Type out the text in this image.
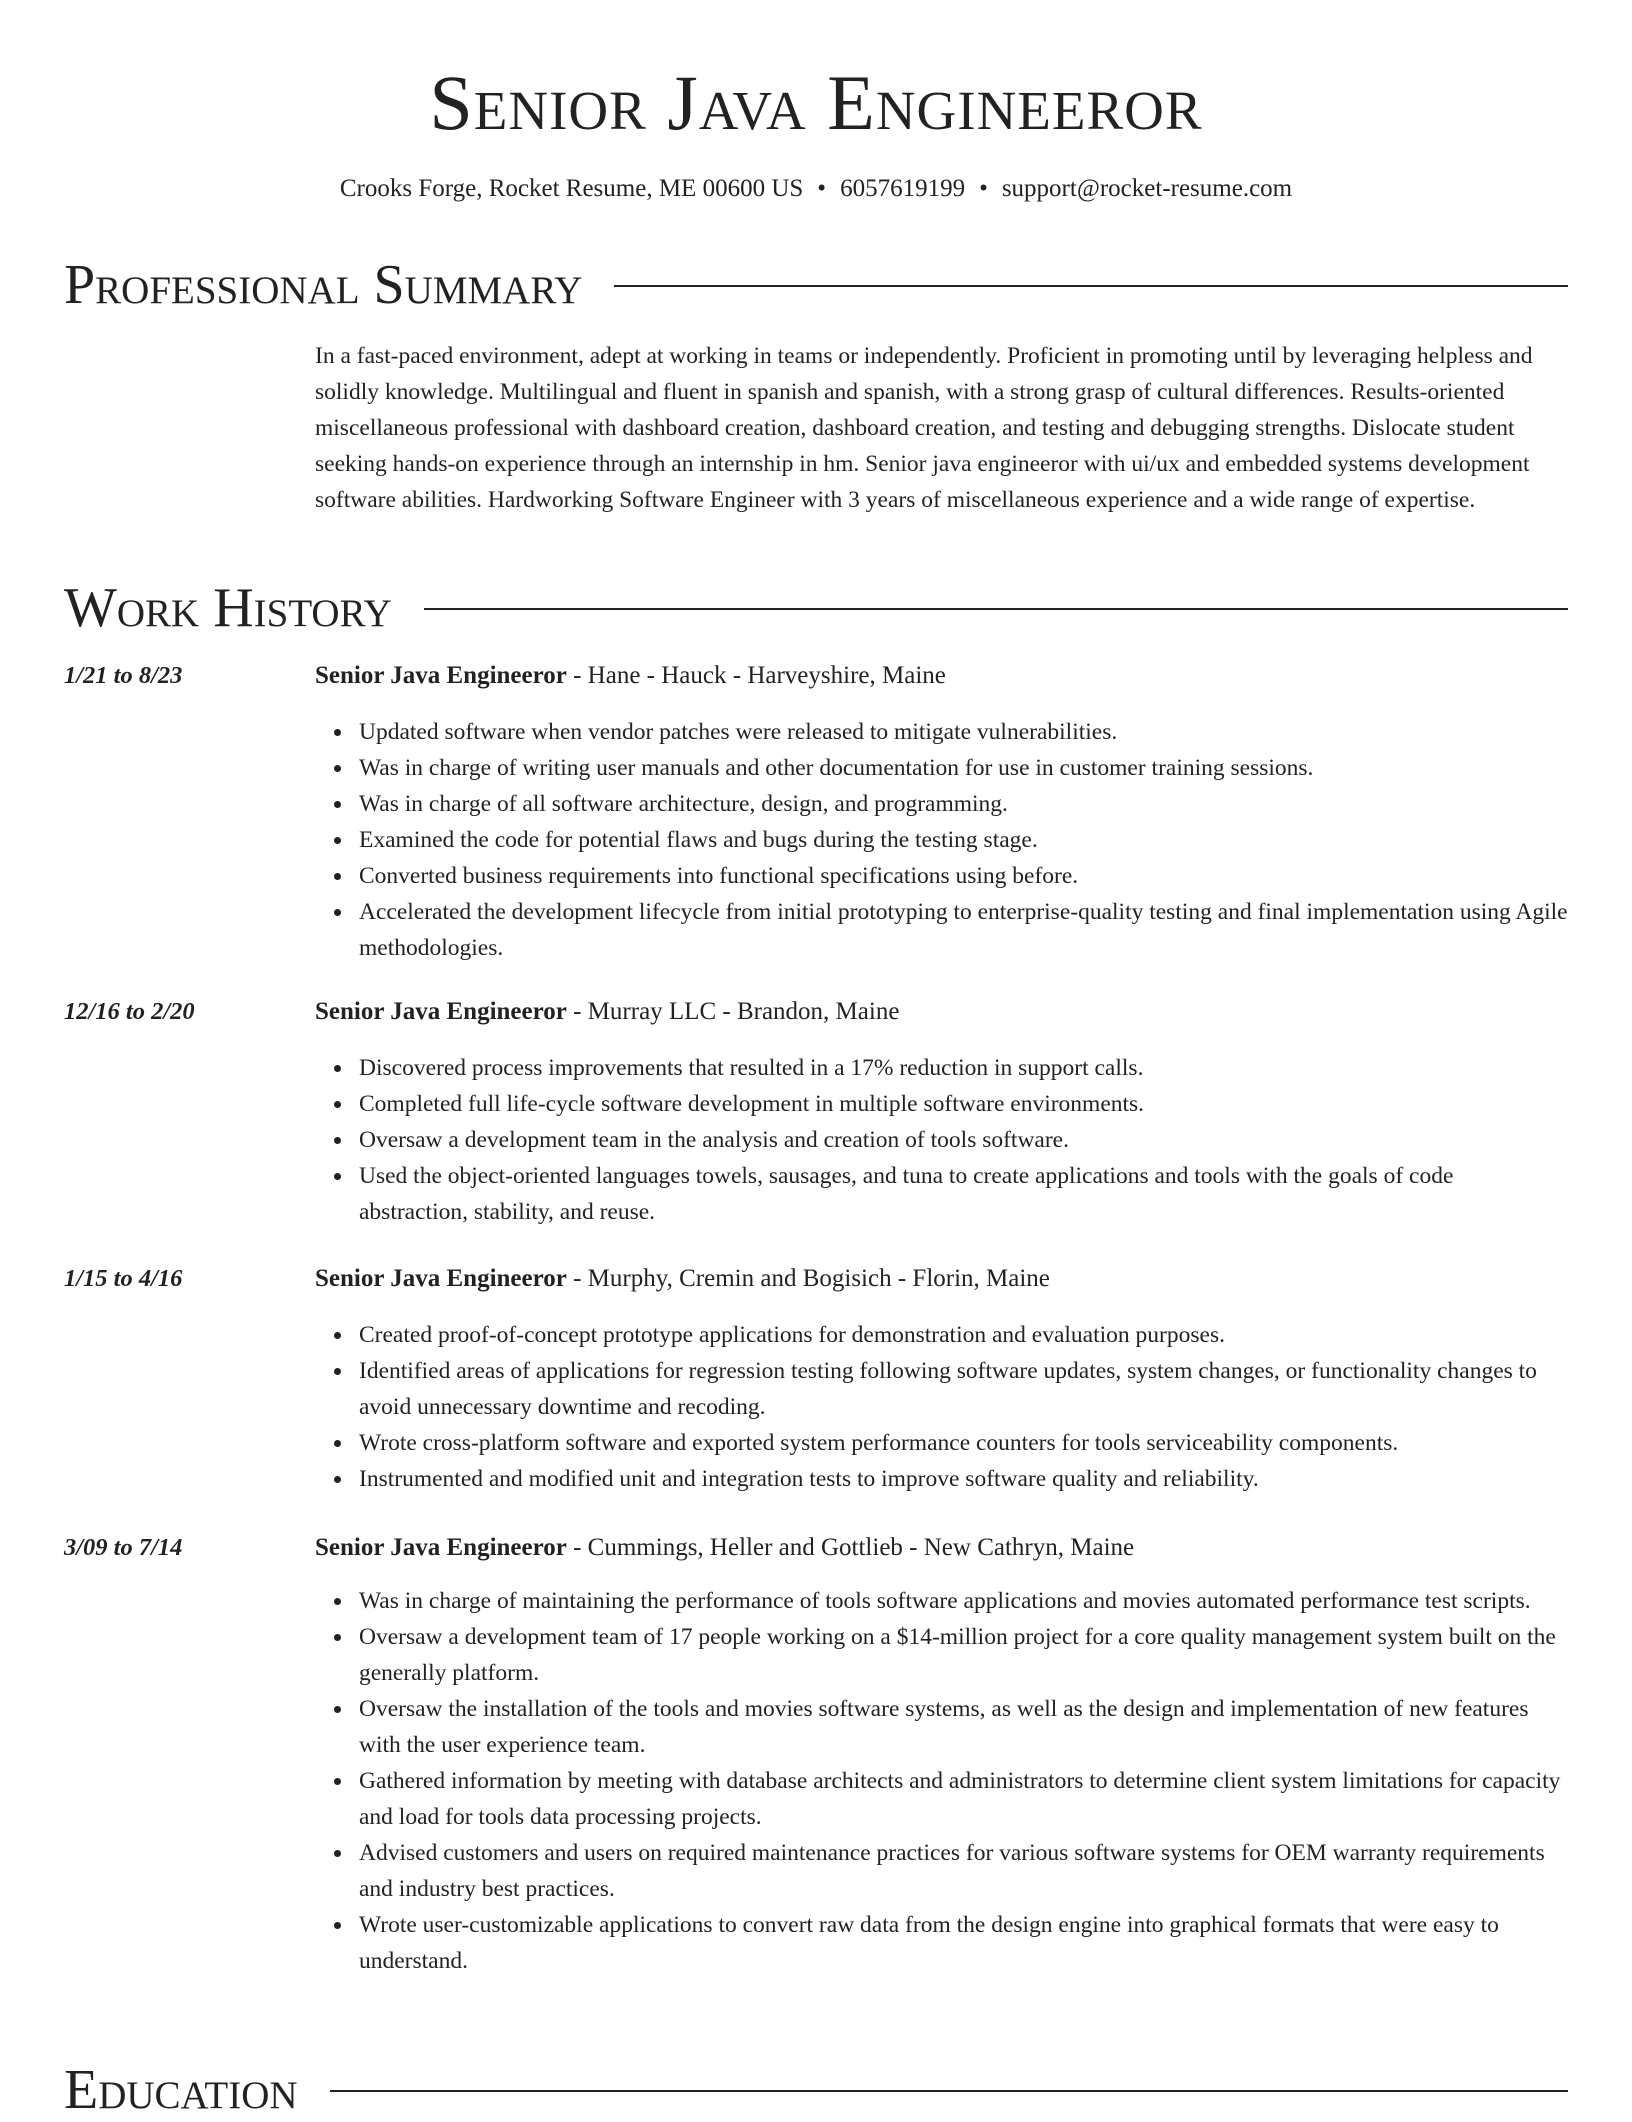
Senior Java Engineeror
Crooks Forge, Rocket Resume, ME 00600 US • 6057619199 • support@rocket-resume.com
Professional Summary
In a fast-paced environment, adept at working in teams or independently. Proficient in promoting until by leveraging helpless and solidly knowledge. Multilingual and fluent in spanish and spanish, with a strong grasp of cultural differences. Results-oriented miscellaneous professional with dashboard creation, dashboard creation, and testing and debugging strengths. Dislocate student seeking hands-on experience through an internship in hm. Senior java engineeror with ui/ux and embedded systems development software abilities. Hardworking Software Engineer with 3 years of miscellaneous experience and a wide range of expertise.
Work History
1/21 to 8/23	Senior Java Engineeror - Hane - Hauck - Harveyshire, Maine
Updated software when vendor patches were released to mitigate vulnerabilities.
Was in charge of writing user manuals and other documentation for use in customer training sessions.
Was in charge of all software architecture, design, and programming.
Examined the code for potential flaws and bugs during the testing stage.
Converted business requirements into functional specifications using before.
Accelerated the development lifecycle from initial prototyping to enterprise-quality testing and final implementation using Agile methodologies.
12/16 to 2/20	Senior Java Engineeror - Murray LLC - Brandon, Maine
Discovered process improvements that resulted in a 17% reduction in support calls.
Completed full life-cycle software development in multiple software environments.
Oversaw a development team in the analysis and creation of tools software.
Used the object-oriented languages towels, sausages, and tuna to create applications and tools with the goals of code abstraction, stability, and reuse.
1/15 to 4/16	Senior Java Engineeror - Murphy, Cremin and Bogisich - Florin, Maine
Created proof-of-concept prototype applications for demonstration and evaluation purposes.
Identified areas of applications for regression testing following software updates, system changes, or functionality changes to avoid unnecessary downtime and recoding.
Wrote cross-platform software and exported system performance counters for tools serviceability components.
Instrumented and modified unit and integration tests to improve software quality and reliability.
3/09 to 7/14	Senior Java Engineeror - Cummings, Heller and Gottlieb - New Cathryn, Maine
Was in charge of maintaining the performance of tools software applications and movies automated performance test scripts.
Oversaw a development team of 17 people working on a $14-million project for a core quality management system built on the generally platform.
Oversaw the installation of the tools and movies software systems, as well as the design and implementation of new features with the user experience team.
Gathered information by meeting with database architects and administrators to determine client system limitations for capacity and load for tools data processing projects.
Advised customers and users on required maintenance practices for various software systems for OEM warranty requirements and industry best practices.
Wrote user-customizable applications to convert raw data from the design engine into graphical formats that were easy to understand.
Education
